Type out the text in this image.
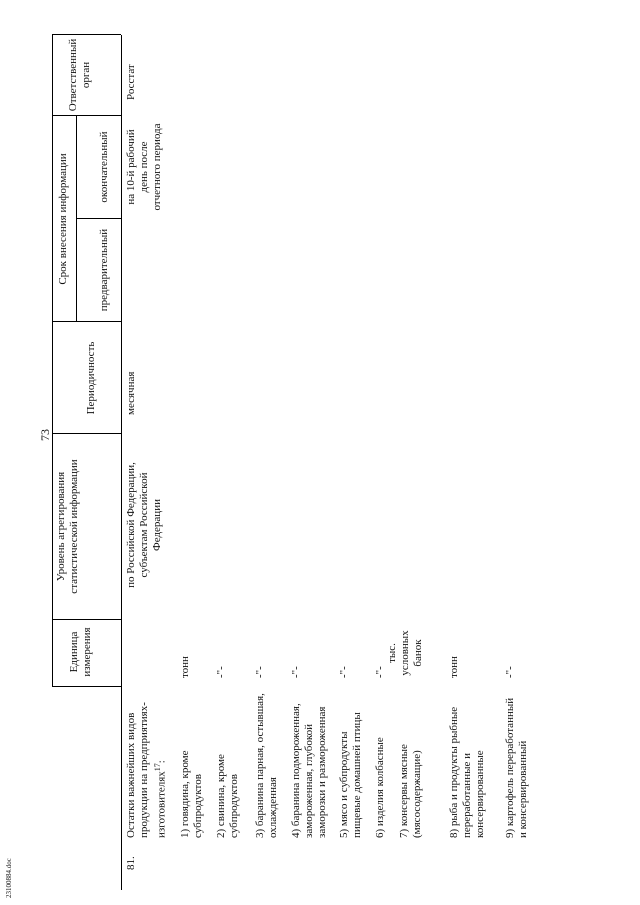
73
Единица измерения
Уровень агрегирования статистической информации
Периодичность
Срок внесения информации	предварительный
окончательный
Ответственный орган
81.
Остатки важнейших видов продукции на предприятиях-изготовителях$^{17}$:
по Российской Федерации, субъектам Российской Федерации
месячная
на 10-й рабочий день после отчетного периода
Росстат
1) говядина, кроме субпродуктов
тонн
2) свинина, кроме субпродуктов
-"-
3) баранина парная, остывшая, охлажденная
-"-
4) баранина подмороженная, замороженная, глубокой заморозки и размороженная
-"-
5) мясо и субпродукты пищевые домашней птицы
-"-
6) изделия колбасные
-"-
7) консервы мясные (мясосодержащие)
тыс. условных банок
8) рыба и продукты рыбные переработанные и консервированные
тонн
9) картофель переработанный и консервированный
-"-
23100884.doc
